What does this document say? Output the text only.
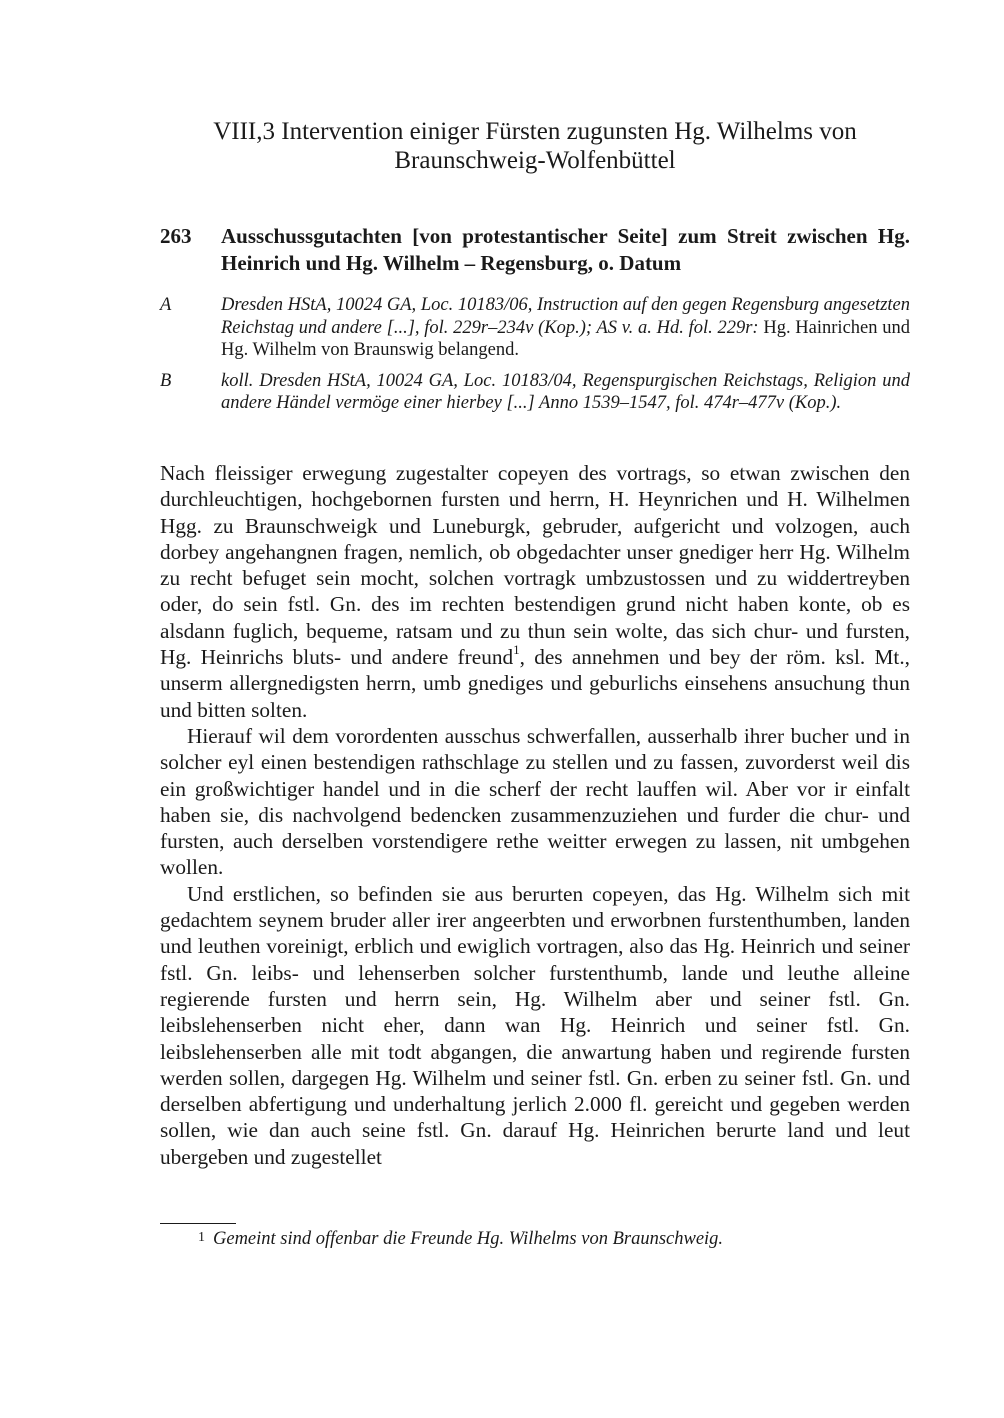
VIII,3 Intervention einiger Fürsten zugunsten Hg. Wilhelms von Braunschweig-Wolfenbüttel
263 Ausschussgutachten [von protestantischer Seite] zum Streit zwischen Hg. Heinrich und Hg. Wilhelm – Regensburg, o. Datum
A	Dresden HStA, 10024 GA, Loc. 10183/06, Instruction auf den gegen Regensburg angesetzten Reichstag und andere [...], fol. 229r–234v (Kop.); AS v. a. Hd. fol. 229r: Hg. Hainrichen und Hg. Wilhelm von Braunswig belangend.
B	koll. Dresden HStA, 10024 GA, Loc. 10183/04, Regenspurgischen Reichstags, Religion und andere Händel vermöge einer hierbey [...] Anno 1539–1547, fol. 474r–477v (Kop.).

Nach fleissiger erwegung zugestalter copeyen des vortrags, so etwan zwischen den durchleuchtigen, hochgebornen fursten und herrn, H. Heynrichen und H. Wilhelmen Hgg. zu Braunschweigk und Luneburgk, gebruder, aufgericht und volzogen, auch dorbey angehangnen fragen, nemlich, ob obgedachter unser gnediger herr Hg. Wilhelm zu recht befuget sein mocht, solchen vortragk umbzustossen und zu widdertreyben oder, do sein fstl. Gn. des im rechten bestendigen grund nicht haben konte, ob es alsdann fuglich, bequeme, ratsam und zu thun sein wolte, das sich chur- und fursten, Hg. Heinrichs bluts- und andere freund$^1$, des annehmen und bey der röm. ksl. Mt., unserm allergnedigsten herrn, umb gnediges und geburlichs einsehens ansuchung thun und bitten solten.

Hierauf wil dem vorordenten ausschus schwerfallen, ausserhalb ihrer bucher und in solcher eyl einen bestendigen rathschlage zu stellen und zu fassen, zuvorderst weil dis ein großwichtiger handel und in die scherf der recht lauffen wil. Aber vor ir einfalt haben sie, dis nachvolgend bedencken zusammenzuziehen und furder die chur- und fursten, auch derselben vorstendigere rethe weitter erwegen zu lassen, nit umbgehen wollen.

Und erstlichen, so befinden sie aus berurten copeyen, das Hg. Wilhelm sich mit gedachtem seynem bruder aller irer angeerbten und erworbnen furstenthumben, landen und leuthen voreinigt, erblich und ewiglich vortragen, also das Hg. Heinrich und seiner fstl. Gn. leibs- und lehenserben solcher furstenthumb, lande und leuthe alleine regierende fursten und herrn sein, Hg. Wilhelm aber und seiner fstl. Gn. leibslehenserben nicht eher, dann wan Hg. Heinrich und seiner fstl. Gn. leibslehenserben alle mit todt abgangen, die anwartung haben und regirende fursten werden sollen, dargegen Hg. Wilhelm und seiner fstl. Gn. erben zu seiner fstl. Gn. und derselben abfertigung und underhaltung jerlich 2.000 fl. gereicht und gegeben werden sollen, wie dan auch seine fstl. Gn. darauf Hg. Heinrichen berurte land und leut ubergeben und zugestellet

1 Gemeint sind offenbar die Freunde Hg. Wilhelms von Braunschweig.
